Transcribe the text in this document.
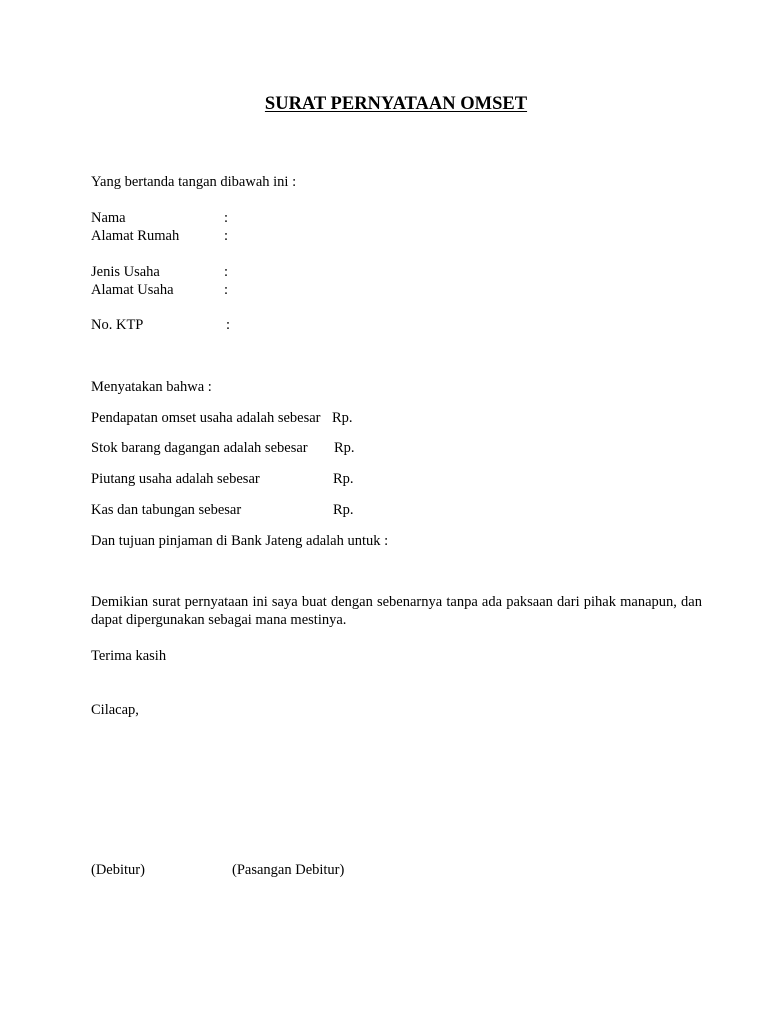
SURAT PERNYATAAN OMSET
Yang bertanda tangan dibawah ini :
Nama	:
Alamat Rumah	:
Jenis Usaha	:
Alamat Usaha	:
No. KTP	:
Menyatakan bahwa :
Pendapatan omset usaha adalah sebesar Rp.
Stok barang dagangan adalah sebesar Rp.
Piutang usaha adalah sebesar	Rp.
Kas dan tabungan sebesar	Rp.
Dan tujuan pinjaman di Bank Jateng adalah untuk :
Demikian surat pernyataan ini saya buat dengan sebenarnya tanpa ada paksaan dari pihak manapun, dan dapat dipergunakan sebagai mana mestinya.
Terima kasih
Cilacap,
(Debitur)	(Pasangan Debitur)
